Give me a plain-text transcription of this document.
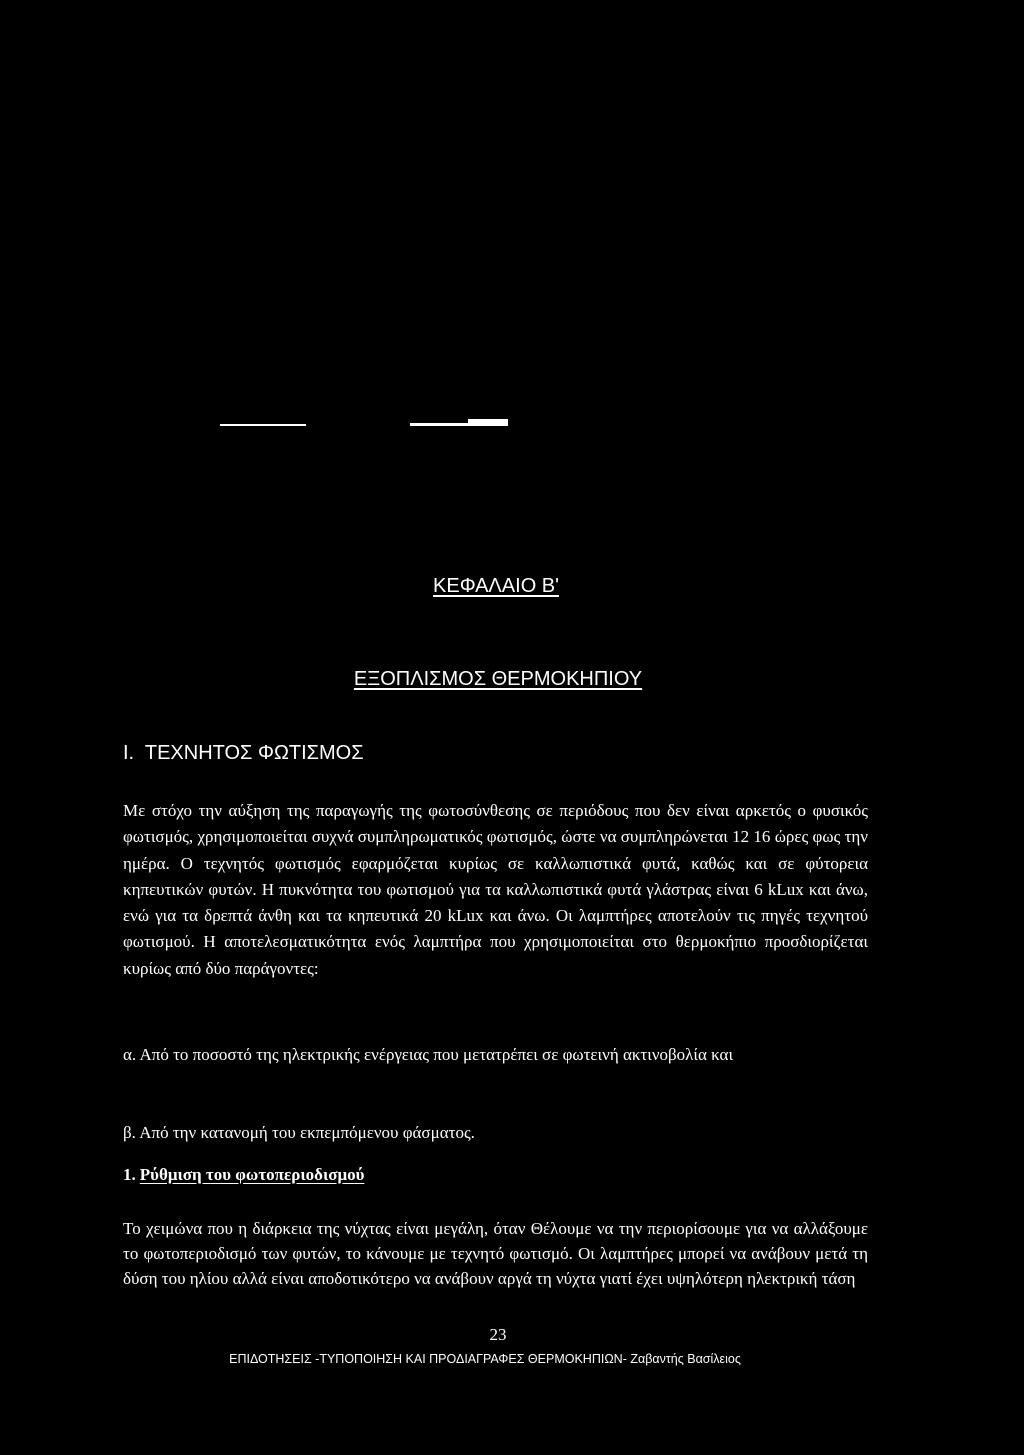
ΚΕΦΑΛΑΙΟ Β'
ΕΞΟΠΛΙΣΜΟΣ ΘΕΡΜΟΚΗΠΙΟΥ
Ι.  ΤΕΧΝΗΤΟΣ ΦΩΤΙΣΜΟΣ
Με στόχο την αύξηση της παραγωγής της φωτοσύνθεσης σε περιόδους που δεν είναι αρκετός ο φυσικός φωτισμός, χρησιμοποιείται συχνά συμπληρωματικός φωτισμός, ώστε να συμπληρώνεται 12 16 ώρες φως την ημέρα. Ο τεχνητός φωτισμός εφαρμόζεται κυρίως σε καλλωπιστικά φυτά, καθώς και σε φύτορεια κηπευτικών φυτών. Η πυκνότητα του φωτισμού για τα καλλωπιστικά φυτά γλάστρας είναι 6 kLux και άνω, ενώ για τα δρεπτά άνθη και τα κηπευτικά 20 kLux και άνω. Οι λαμπτήρες αποτελούν τις πηγές τεχνητού φωτισμού. Η αποτελεσματικότητα ενός λαμπτήρα που χρησιμοποιείται στο θερμοκήπιο προσδιορίζεται κυρίως από δύο παράγοντες:
α. Από το ποσοστό της ηλεκτρικής ενέργειας που μετατρέπει σε φωτεινή ακτινοβολία και
β. Από την κατανομή του εκπεμπόμενου φάσματος.
1. Ρύθμιση του φωτοπεριοδισμού
Το χειμώνα που η διάρκεια της νύχτας είναι μεγάλη, όταν Θέλουμε να την περιορίσουμε για να αλλάξουμε το φωτοπεριοδισμό των φυτών, το κάνουμε με τεχνητό φωτισμό. Οι λαμπτήρες μπορεί να ανάβουν μετά τη δύση του ηλίου αλλά είναι αποδοτικότερο να ανάβουν αργά τη νύχτα γιατί έχει υψηλότερη ηλεκτρική τάση
23
ΕΠΙΔΟΤΗΣΕΙΣ -ΤΥΠΟΠΟΙΗΣΗ ΚΑΙ ΠΡΟΔΙΑΓΡΑΦΕΣ ΘΕΡΜΟΚΗΠΙΩΝ- Ζαβαντής Βασίλειος
